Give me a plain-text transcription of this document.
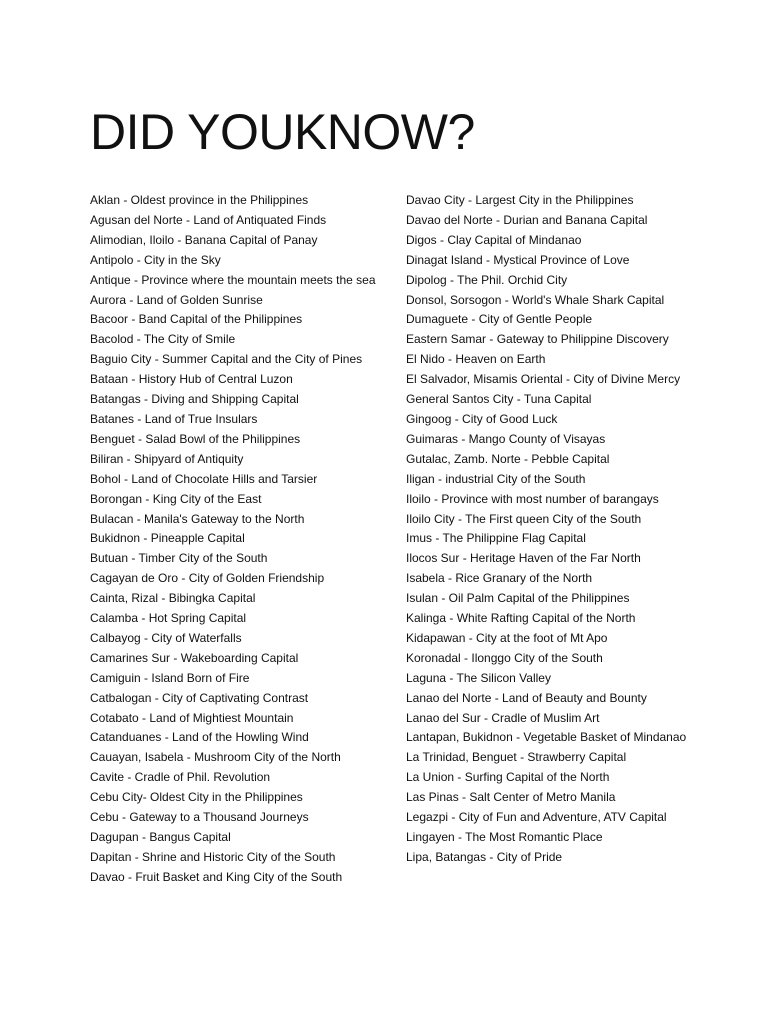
DID YOUKNOW?
Aklan - Oldest province in the Philippines
Agusan del Norte - Land of Antiquated Finds
Alimodian, Iloilo - Banana Capital of Panay
Antipolo - City in the Sky
Antique - Province where the mountain meets the sea
Aurora - Land of Golden Sunrise
Bacoor - Band Capital of the Philippines
Bacolod - The City of Smile
Baguio City - Summer Capital and the City of Pines
Bataan - History Hub of Central Luzon
Batangas - Diving and Shipping Capital
Batanes - Land of True Insulars
Benguet - Salad Bowl of the Philippines
Biliran - Shipyard of Antiquity
Bohol - Land of Chocolate Hills and Tarsier
Borongan - King City of the East
Bulacan - Manila's Gateway to the North
Bukidnon - Pineapple Capital
Butuan - Timber City of the South
Cagayan de Oro - City of Golden Friendship
Cainta, Rizal - Bibingka Capital
Calamba - Hot Spring Capital
Calbayog - City of Waterfalls
Camarines Sur - Wakeboarding Capital
Camiguin - Island Born of Fire
Catbalogan - City of Captivating Contrast
Cotabato - Land of Mightiest Mountain
Catanduanes - Land of the Howling Wind
Cauayan, Isabela - Mushroom City of the North
Cavite - Cradle of Phil. Revolution
Cebu City- Oldest City in the Philippines
Cebu - Gateway to a Thousand Journeys
Dagupan - Bangus Capital
Dapitan - Shrine and Historic City of the South
Davao - Fruit Basket and King City of the South
Davao City - Largest City in the Philippines
Davao del Norte - Durian and Banana Capital
Digos - Clay Capital of Mindanao
Dinagat Island - Mystical Province of Love
Dipolog - The Phil. Orchid City
Donsol, Sorsogon - World's Whale Shark Capital
Dumaguete - City of Gentle People
Eastern Samar - Gateway to Philippine Discovery
El Nido - Heaven on Earth
El Salvador, Misamis Oriental - City of Divine Mercy
General Santos City - Tuna Capital
Gingoog - City of Good Luck
Guimaras - Mango County of Visayas
Gutalac, Zamb. Norte - Pebble Capital
Iligan - industrial City of the South
Iloilo - Province with most number of barangays
Iloilo City - The First queen City of the South
Imus - The Philippine Flag Capital
Ilocos Sur - Heritage Haven of the Far North
Isabela - Rice Granary of the North
Isulan - Oil Palm Capital of the Philippines
Kalinga - White Rafting Capital of the North
Kidapawan - City at the foot of Mt Apo
Koronadal - Ilonggo City of the South
Laguna - The Silicon Valley
Lanao del Norte - Land of Beauty and Bounty
Lanao del Sur - Cradle of Muslim Art
Lantapan, Bukidnon - Vegetable Basket of Mindanao
La Trinidad, Benguet - Strawberry Capital
La Union - Surfing Capital of the North
Las Pinas - Salt Center of Metro Manila
Legazpi - City of Fun and Adventure, ATV Capital
Lingayen - The Most Romantic Place
Lipa, Batangas - City of Pride
